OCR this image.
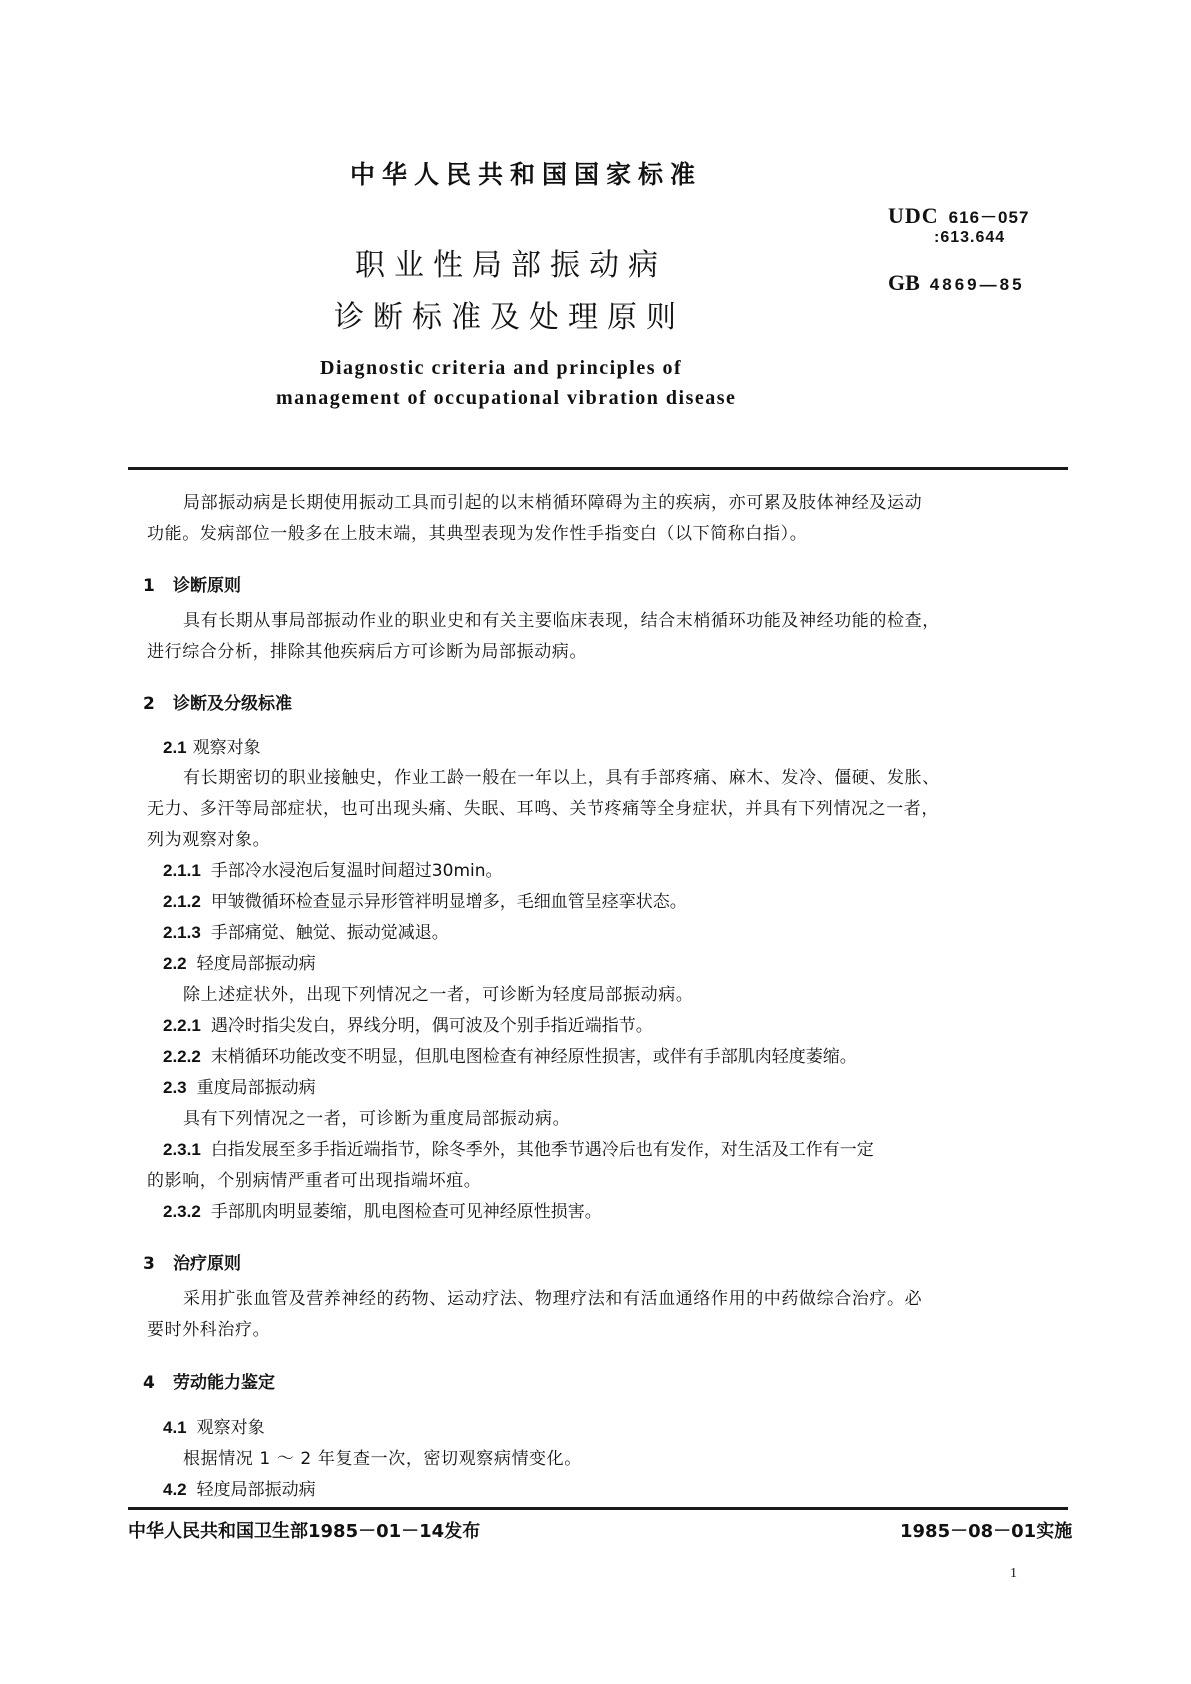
中华人民共和国国家标准
UDC 616－057
:613.644
GB 4869—85
职业性局部振动病
诊断标准及处理原则
Diagnostic criteria and principles of
management of occupational vibration disease
局部振动病是长期使用振动工具而引起的以末梢循环障碍为主的疾病，亦可累及肢体神经及运动
功能。发病部位一般多在上肢末端，其典型表现为发作性手指变白（以下简称白指）。
1 诊断原则
具有长期从事局部振动作业的职业史和有关主要临床表现，结合末梢循环功能及神经功能的检查，
进行综合分析，排除其他疾病后方可诊断为局部振动病。
2 诊断及分级标准
2.1 观察对象
有长期密切的职业接触史，作业工龄一般在一年以上，具有手部疼痛、麻木、发冷、僵硬、发胀、
无力、多汗等局部症状，也可出现头痛、失眠、耳鸣、关节疼痛等全身症状，并具有下列情况之一者，
列为观察对象。
2.1.1 手部冷水浸泡后复温时间超过30min。
2.1.2 甲皱微循环检查显示异形管袢明显增多，毛细血管呈痉挛状态。
2.1.3 手部痛觉、触觉、振动觉减退。
2.2 轻度局部振动病
除上述症状外，出现下列情况之一者，可诊断为轻度局部振动病。
2.2.1 遇冷时指尖发白，界线分明，偶可波及个别手指近端指节。
2.2.2 末梢循环功能改变不明显，但肌电图检查有神经原性损害，或伴有手部肌肉轻度萎缩。
2.3 重度局部振动病
具有下列情况之一者，可诊断为重度局部振动病。
2.3.1 白指发展至多手指近端指节，除冬季外，其他季节遇冷后也有发作，对生活及工作有一定
的影响，个别病情严重者可出现指端坏疽。
2.3.2 手部肌肉明显萎缩，肌电图检查可见神经原性损害。
3 治疗原则
采用扩张血管及营养神经的药物、运动疗法、物理疗法和有活血通络作用的中药做综合治疗。必
要时外科治疗。
4 劳动能力鉴定
4.1 观察对象
根据情况 1 ～ 2 年复查一次，密切观察病情变化。
4.2 轻度局部振动病
中华人民共和国卫生部1985－01－14发布	1985－08－01实施
1
